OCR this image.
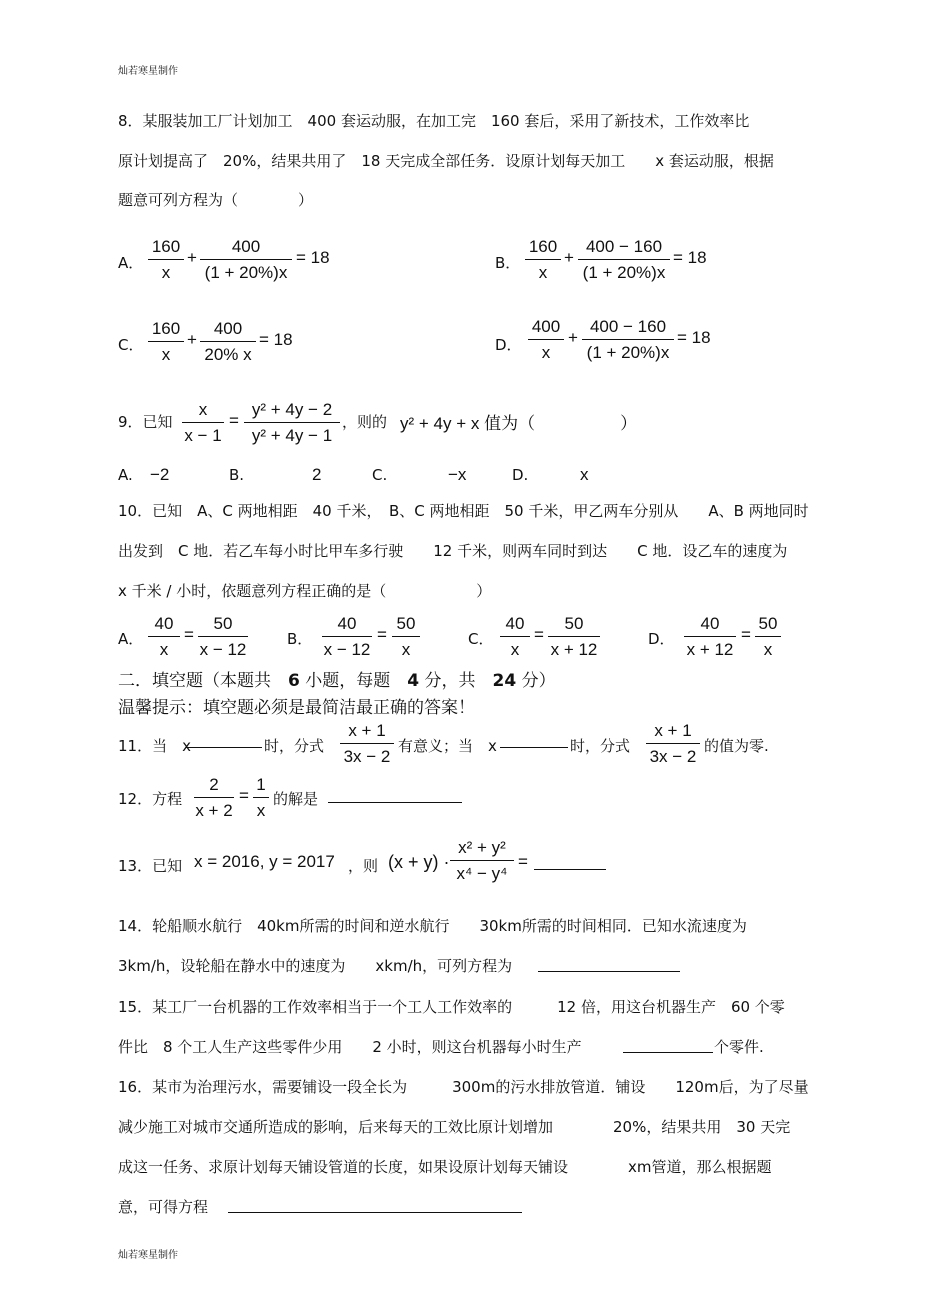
灿若寒星制作
8．某服装加工厂计划加工　400 套运动服，在加工完　160 套后，采用了新技术，工作效率比
原计划提高了　20%，结果共用了　18 天完成全部任务．设原计划每天加工　　x 套运动服，根据
题意可列方程为（　　　　）
A．
160
x
+
400
(1 + 20%)x
= 18	B．
160
x
+
400 − 160
(1 + 20%)x
= 18
C．
160
x
+
400
20% x
= 18	D．
400
x
+
400 − 160
(1 + 20%)x
= 18
9．已知
x
x − 1
=
y² + 4y − 2
y² + 4y − 1
，则的 y² + 4y + x 值为（　　　　　）
A. −2	B.	2	C.	−x	D.	x
10．已知　A、C 两地相距　40 千米，　B、C 两地相距　50 千米，甲乙两车分别从　　A、B 两地同时
出发到　C 地．若乙车每小时比甲车多行驶　　12 千米，则两车同时到达　　C 地．设乙车的速度为
x 千米 / 小时，依题意列方程正确的是（　　　　　　）
A．
40
x
=
50
x − 12
B．
40
x − 12
=
50
x
C．
40
x
=
50
x + 12
D．
40
x + 12
=
50
x
二．填空题（本题共　6 小题，每题　4 分，共　24 分）
温馨提示：填空题必须是最简洁最正确的答案！
11．当　x	时，分式
x + 1
3x − 2
有意义；当　x	时，分式
x + 1
3x − 2
的值为零.
12．方程
2
x + 2
=
1
x
的解是
13．已知 x = 2016, y = 2017 ，则 (x + y) ·
x² + y²
x⁴ − y⁴
=
14．轮船顺水航行　40km所需的时间和逆水航行　　30km所需的时间相同．已知水流速度为
3km/h，设轮船在静水中的速度为　　xkm/h，可列方程为
15．某工厂一台机器的工作效率相当于一个工人工作效率的　　　12 倍，用这台机器生产　60 个零
件比　8 个工人生产这些零件少用　　2 小时，则这台机器每小时生产	个零件.
16．某市为治理污水，需要铺设一段全长为　　　300m的污水排放管道．铺设　　120m后，为了尽量
减少施工对城市交通所造成的影响，后来每天的工效比原计划增加　　　　20%，结果共用　30 天完
成这一任务、求原计划每天铺设管道的长度，如果设原计划每天铺设　　　　xm管道，那么根据题
意，可得方程
灿若寒星制作
